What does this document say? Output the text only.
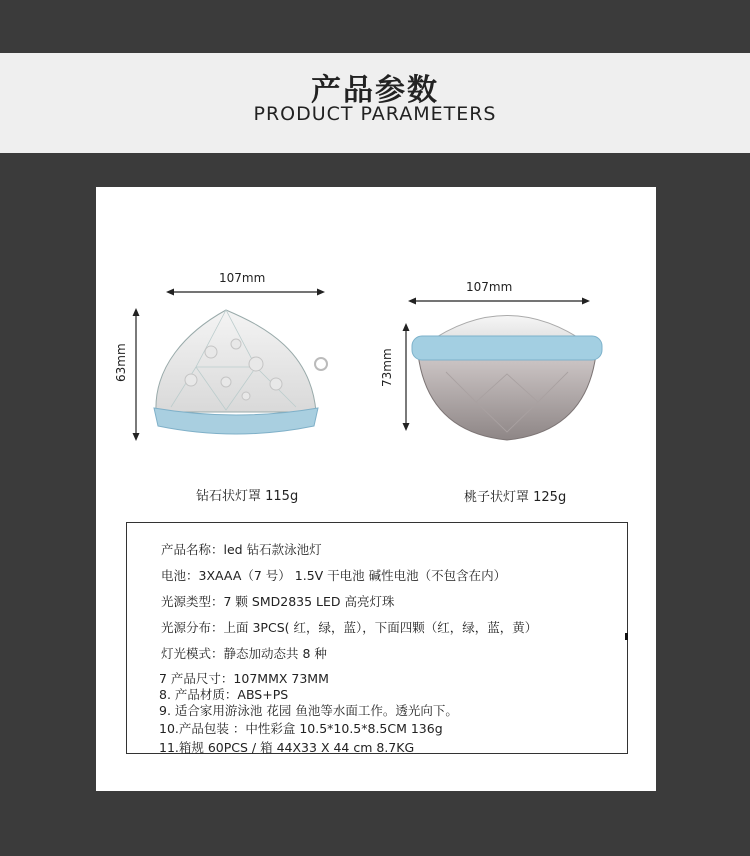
产品参数
PRODUCT PARAMETERS
107mm
63mm
钻石状灯罩 115g
107mm
73mm
桃子状灯罩 125g
产品名称：led 钻石款泳池灯
电池：3XAAA（7 号） 1.5V 干电池 碱性电池（不包含在内）
光源类型：7 颗 SMD2835 LED 高亮灯珠
光源分布：上面 3PCS( 红，绿，蓝），下面四颗（红，绿，蓝，黄）
灯光模式：静态加动态共 8 种
7 产品尺寸：107MMX 73MM
8. 产品材质：ABS+PS
9. 适合家用游泳池 花园 鱼池等水面工作。透光向下。
10.产品包装 ：中性彩盒 10.5*10.5*8.5CM 136g
11.箱规 60PCS / 箱 44X33 X 44 cm 8.7KG
